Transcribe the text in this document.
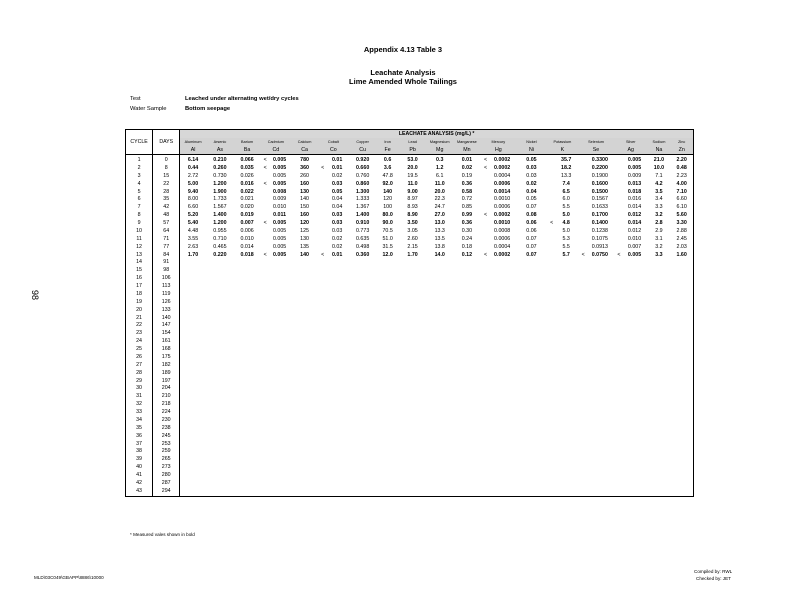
Appendix 4.13 Table 3
Leachate Analysis
Lime Amended Whole Tailings
Test	Leached under alternating wet/dry cycles
Water Sample	Bottom seepage
98
CYCLE	DAYS	LEACHATE ANALYSIS (mg/L) *																							
		Aluminum	Arsenic	Barium	Cadmium		Calcium	Cobalt		Copper	Iron	Lead	Magnesium	Manganese	Mercury		Nickel	Potassium		Selenium		Silver		Sodium	Zinc
		Al	As	Ba	Cd		Ca	Co		Cu	Fe	Pb	Mg	Mn	Hg		Ni	K		Se		Ag		Na	Zn
1	0	6.14	0.210	0.066	<	0.005	780		0.01	0.920	0.6	53.0	0.3	0.01	<	0.0002	0.05		35.7		0.3300		0.005	21.0	2.20
2	8	0.44	0.260	0.035	<	0.005	360	<	0.01	0.660	3.6	20.0	1.2	0.02	<	0.0002	0.03		18.2		0.2200		0.005	10.0	0.48
3	15	2.72	0.730	0.026		0.005	260		0.02	0.760	47.8	19.5	6.1	0.19		0.0004	0.03		13.3		0.1900		0.009	7.1	2.23
4	22	5.00	1.200	0.016	<	0.005	160		0.03	0.860	92.0	11.0	11.0	0.36		0.0006	0.02		7.4		0.1600		0.013	4.2	4.00
5	28	9.40	1.900	0.022		0.008	130		0.05	1.300	140	9.00	20.0	0.58		0.0014	0.04		6.5		0.1500		0.018	3.5	7.10
6	35	8.00	1.733	0.021		0.009	140		0.04	1.333	120	8.97	22.3	0.72		0.0010	0.05		6.0		0.1567		0.016	3.4	6.60
7	42	6.60	1.567	0.020		0.010	150		0.04	1.367	100	8.93	24.7	0.85		0.0006	0.07		5.5		0.1633		0.014	3.3	6.10
8	48	5.20	1.400	0.019		0.011	160		0.03	1.400	80.0	8.90	27.0	0.99	<	0.0002	0.08		5.0		0.1700		0.012	3.2	5.60
9	57	5.40	1.200	0.007	<	0.005	120		0.03	0.910	90.0	3.50	13.0	0.36		0.0010	0.06	<	4.8		0.1400		0.014	2.8	3.30
10	64	4.48	0.955	0.006		0.005	125		0.03	0.773	70.5	3.05	13.3	0.30		0.0008	0.06		5.0		0.1238		0.012	2.9	2.88
11	71	3.55	0.710	0.010		0.005	130		0.02	0.635	51.0	2.60	13.5	0.24		0.0006	0.07		5.3		0.1075		0.010	3.1	2.45
12	77	2.63	0.465	0.014		0.005	135		0.02	0.498	31.5	2.15	13.8	0.18		0.0004	0.07		5.5		0.0913		0.007	3.2	2.03
13	84	1.70	0.220	0.018	<	0.005	140	<	0.01	0.360	12.0	1.70	14.0	0.12	<	0.0002	0.07		5.7	<	0.0750	<	0.005	3.3	1.60
14	91																								
15	98																								
16	106																								
17	113																								
18	119																								
19	126																								
20	133																								
21	140																								
22	147																								
23	154																								
24	161																								
25	168																								
26	175																								
27	182																								
28	189																								
29	197																								
30	204																								
31	210																								
32	218																								
33	224																								
34	230																								
35	238																								
36	245																								
37	253																								
38	259																								
39	265																								
40	273																								
41	280																								
42	287																								
43	294																								
* Measured vales shown in bold
Compiled by: RWL
Checked by: JET
MLD\03C049\GBAPP\8886\10000
